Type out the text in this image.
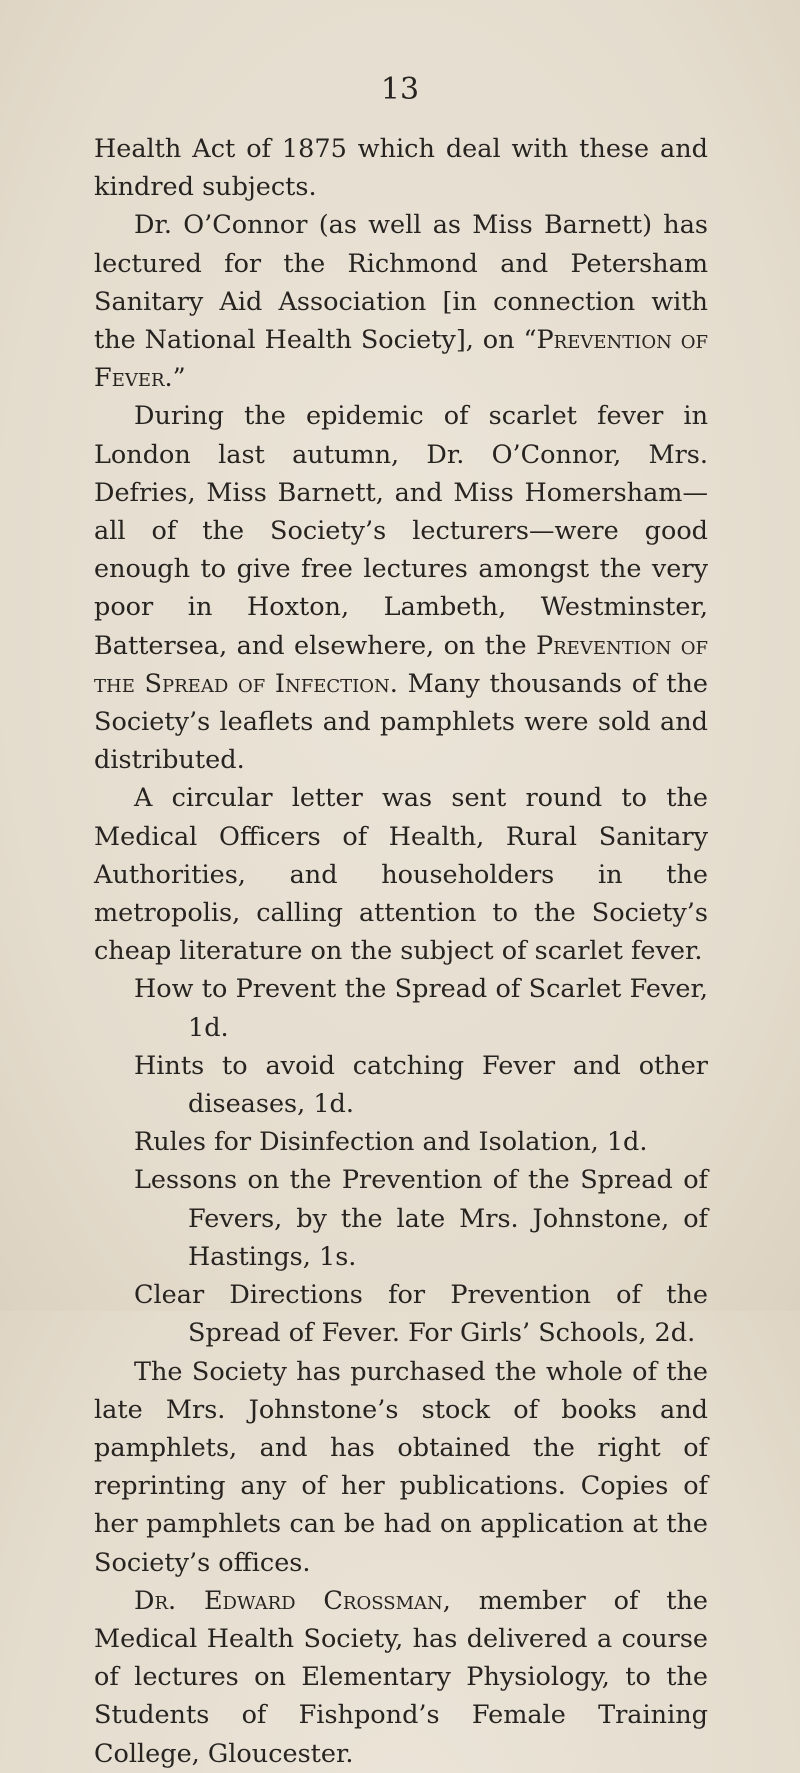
13

Health Act of 1875 which deal with these and kindred subjects.

Dr. O’Connor (as well as Miss Barnett) has lectured for the Richmond and Petersham Sanitary Aid Association [in connection with the National Health Society], on “Prevention of Fever.”

During the epidemic of scarlet fever in London last autumn, Dr. O’Connor, Mrs. Defries, Miss Barnett, and Miss Homersham—all of the Society’s lecturers—were good enough to give free lectures amongst the very poor in Hoxton, Lambeth, Westminster, Battersea, and elsewhere, on the Prevention of the Spread of Infection. Many thousands of the Society’s leaflets and pamphlets were sold and distributed.

A circular letter was sent round to the Medical Officers of Health, Rural Sanitary Authorities, and householders in the metropolis, calling attention to the Society’s cheap literature on the subject of scarlet fever.

How to Prevent the Spread of Scarlet Fever, 1d.
Hints to avoid catching Fever and other diseases, 1d.
Rules for Disinfection and Isolation, 1d.
Lessons on the Prevention of the Spread of Fevers, by the late Mrs. Johnstone, of Hastings, 1s.
Clear Directions for Prevention of the Spread of Fever. For Girls’ Schools, 2d.

The Society has purchased the whole of the late Mrs. Johnstone’s stock of books and pamphlets, and has obtained the right of reprinting any of her publications. Copies of her pamphlets can be had on application at the Society’s offices.

Dr. Edward Crossman, member of the Medical Health Society, has delivered a course of lectures on Elementary Physiology, to the Students of Fishpond’s Female Training College, Gloucester.
